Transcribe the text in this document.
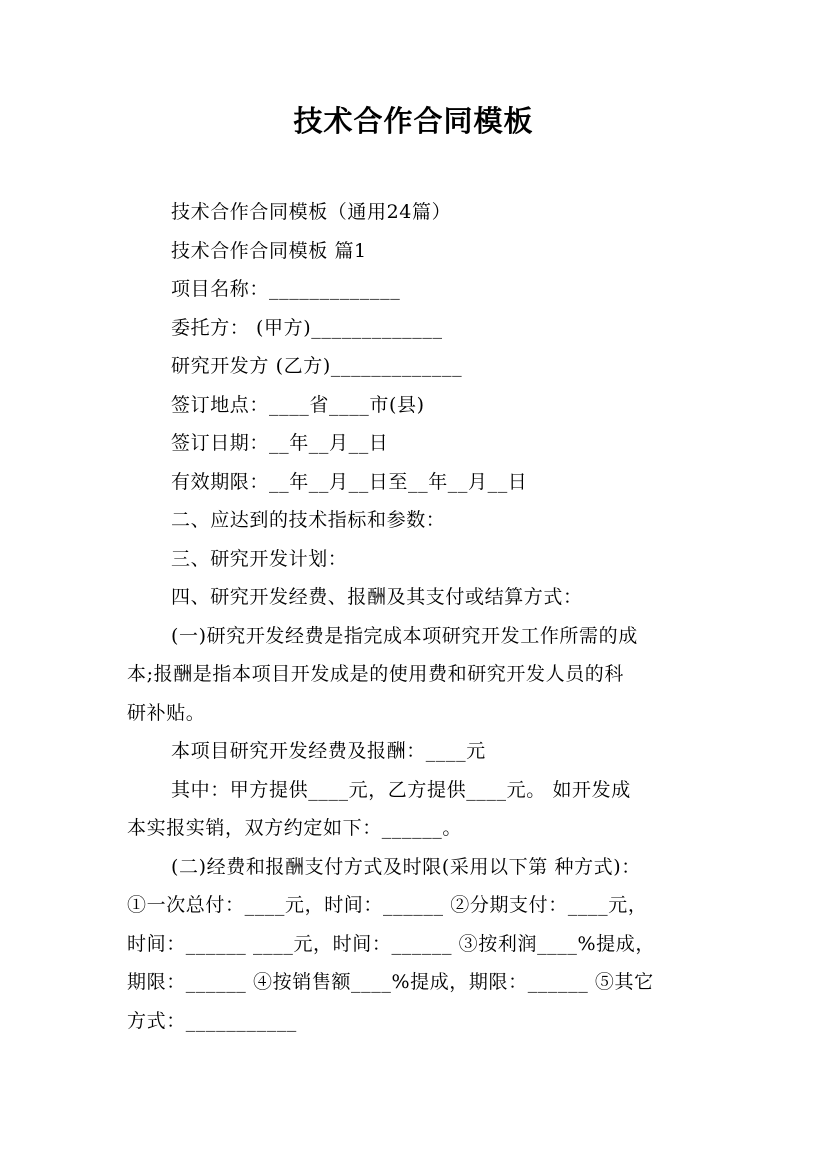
技术合作合同模板
技术合作合同模板（通用24篇）
技术合作合同模板 篇1
项目名称：_____________
委托方： (甲方)_____________
研究开发方 (乙方)_____________
签订地点：____省____市(县)
签订日期：__年__月__日
有效期限：__年__月__日至__年__月__日
二、应达到的技术指标和参数：
三、研究开发计划：
四、研究开发经费、报酬及其支付或结算方式：
(一)研究开发经费是指完成本项研究开发工作所需的成
本;报酬是指本项目开发成是的使用费和研究开发人员的科
研补贴。
本项目研究开发经费及报酬：____元
其中：甲方提供____元，乙方提供____元。 如开发成
本实报实销，双方约定如下：______。
(二)经费和报酬支付方式及时限(采用以下第 种方式)：
①一次总付：____元，时间：______ ②分期支付：____元，
时间：______ ____元，时间：______ ③按利润____%提成，
期限：______ ④按销售额____%提成，期限：______ ⑤其它
方式：___________
